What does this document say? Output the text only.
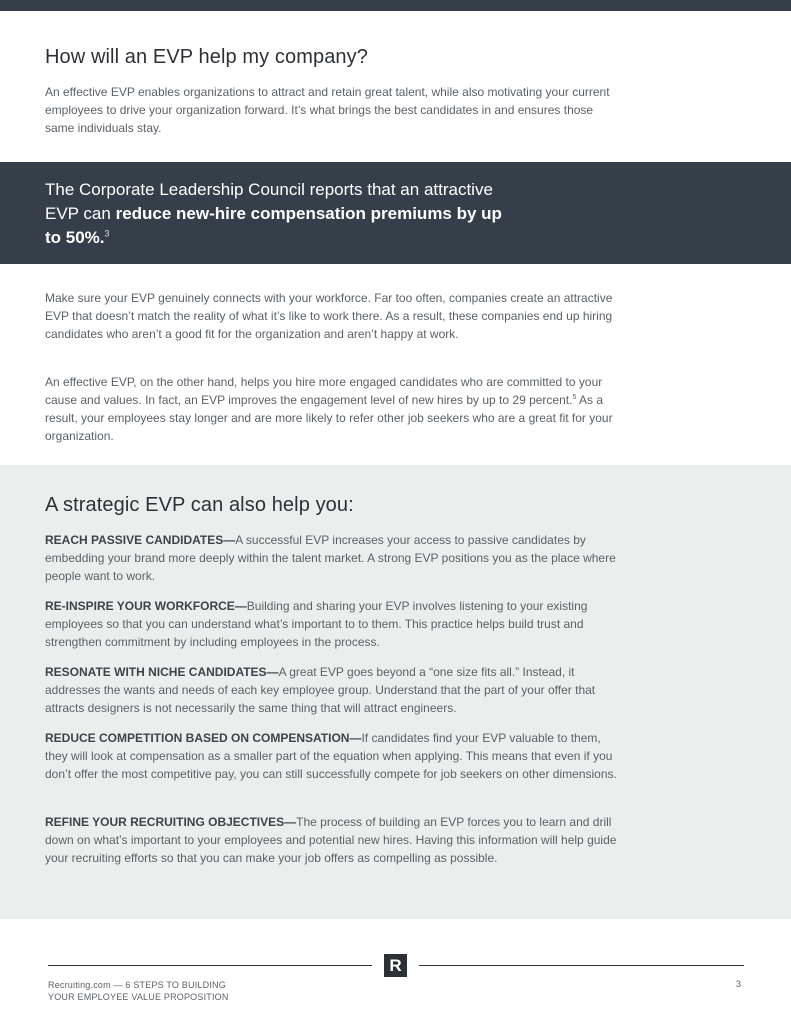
How will an EVP help my company?

An effective EVP enables organizations to attract and retain great talent, while also motivating your current employees to drive your organization forward. It’s what brings the best candidates in and ensures those same individuals stay.

The Corporate Leadership Council reports that an attractive EVP can reduce new-hire compensation premiums by up to 50%.$^3$

Make sure your EVP genuinely connects with your workforce. Far too often, companies create an attractive EVP that doesn’t match the reality of what it’s like to work there. As a result, these companies end up hiring candidates who aren’t a good fit for the organization and aren’t happy at work.

An effective EVP, on the other hand, helps you hire more engaged candidates who are committed to your cause and values. In fact, an EVP improves the engagement level of new hires by up to 29 percent.$^5$ As a result, your employees stay longer and are more likely to refer other job seekers who are a great fit for your organization.

A strategic EVP can also help you:

REACH PASSIVE CANDIDATES—A successful EVP increases your access to passive candidates by embedding your brand more deeply within the talent market. A strong EVP positions you as the place where people want to work.

RE-INSPIRE YOUR WORKFORCE—Building and sharing your EVP involves listening to your existing employees so that you can understand what’s important to to them. This practice helps build trust and strengthen commitment by including employees in the process.

RESONATE WITH NICHE CANDIDATES—A great EVP goes beyond a “one size fits all.” Instead, it addresses the wants and needs of each key employee group. Understand that the part of your offer that attracts designers is not necessarily the same thing that will attract engineers.

REDUCE COMPETITION BASED ON COMPENSATION—If candidates find your EVP valuable to them, they will look at compensation as a smaller part of the equation when applying. This means that even if you don’t offer the most competitive pay, you can still successfully compete for job seekers on other dimensions.

REFINE YOUR RECRUITING OBJECTIVES—The process of building an EVP forces you to learn and drill down on what’s important to your employees and potential new hires. Having this information will help guide your recruiting efforts so that you can make your job offers as compelling as possible.

R

Recruiting.com — 6 STEPS TO BUILDING
YOUR EMPLOYEE VALUE PROPOSITION

3
